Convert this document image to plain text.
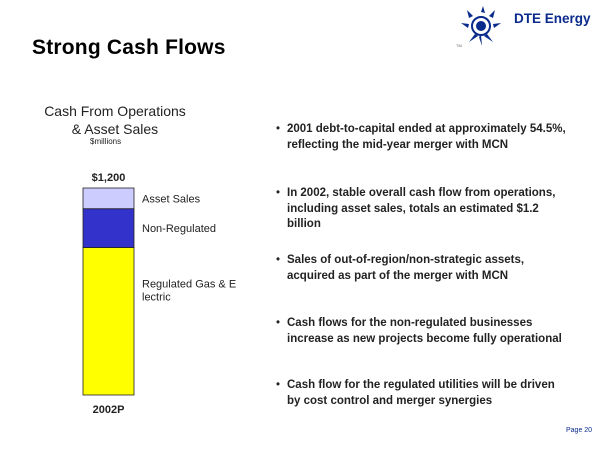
TM
DTE Energy
Strong Cash Flows
Cash From Operations
& Asset Sales
$millions
Regulated Gas & E lectric
Non-Regulated
Asset Sales
$1,200
2002P
• 2001 debt-to-capital ended at approximately 54.5%, reflecting the mid-year merger with MCN
• In 2002, stable overall cash flow from operations, including asset sales, totals an estimated $1.2 billion
• Sales of out-of-region/non-strategic assets, acquired as part of the merger with MCN
• Cash flows for the non-regulated businesses increase as new projects become fully operational
• Cash flow for the regulated utilities will be driven by cost control and merger synergies
Page 20
